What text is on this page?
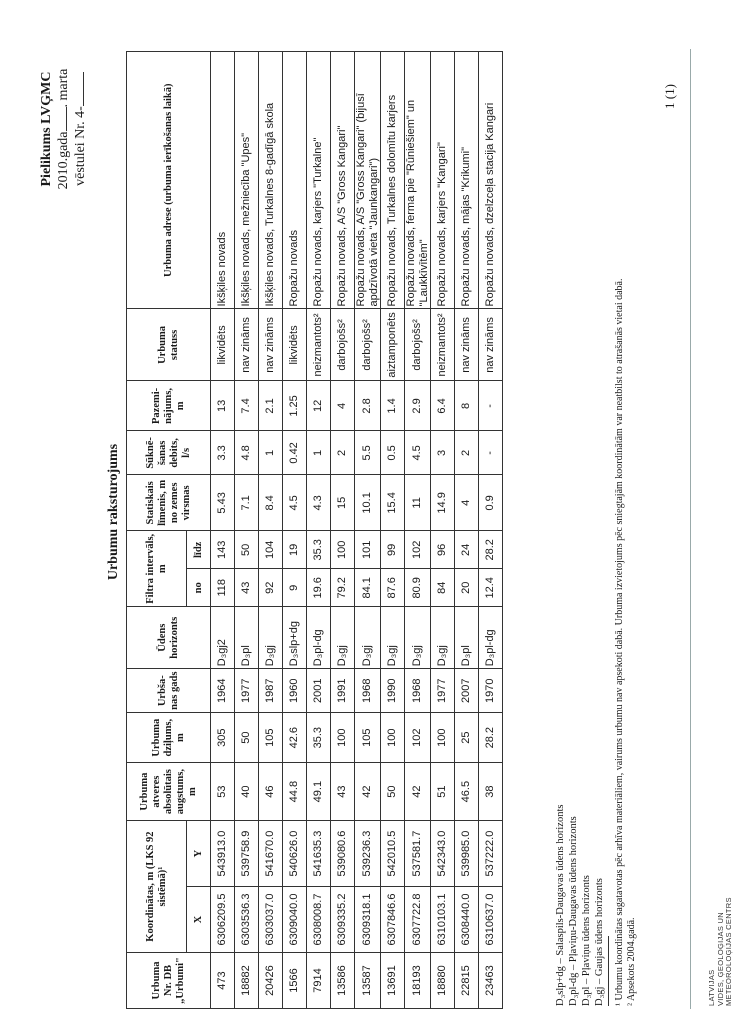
Pielikums LVĢMC 2010.gada. marta
vēstulei Nr. 4-
Urbumu raksturojums
Urbuma Nr. DB „Urbumi"	Koordinātas, m (LKS 92 sistēmā)¹		Urbuma atveres absolūtais augstums, m	Urbuma dziļums, m	Urbša-nas gads	Ūdens horizonts	Filtra intervāls, m		Statiskais līmenis, m no zemes virsmas	Sūknē-šanas debits, l/s	Pazemi-nājums, m	Urbuma statuss	Urbuma adrese (urbuma ierīkošanas laikā)
	X	Y					no	līdz					
473	6306209.5	543913.0	53	305	1964	D₃gj2	118	143	5.43	3.3	13	likvidēts	Ikšķiles novads
18882	6303536.3	539758.9	40	50	1977	D₃pl	43	50	7.1	4.8	7.4	nav zināms	Ikšķiles novads, mežniecība "Upes"
20426	6303037.0	541670.0	46	105	1987	D₃gj	92	104	8.4	1	2.1	nav zināms	Ikšķiles novads, Turkalnes 8-gadīgā skola
1566	6309040.0	540626.0	44.8	42.6	1960	D₃slp+dg	9	19	4.5	0.42	1.25	likvidēts	Ropažu novads
7914	6308008.7	541635.3	49.1	35.3	2001	D₃pl-dg	19.6	35.3	4.3	1	12	neizmantots²	Ropažu novads, karjers "Turkalne"
13586	6309335.2	539080.6	43	100	1991	D₃gj	79.2	100	15	2	4	darbojošs²	Ropažu novads, A/S "Gross Kangari"
13587	6309318.1	539236.3	42	105	1968	D₃gj	84.1	101	10.1	5.5	2.8	darbojošs²	Ropažu novads, A/S "Gross Kangari" (bijusī apdzīvotā vieta "Jaunkangari")
13691	6307846.6	542010.5	50	100	1990	D₃gj	87.6	99	15.4	0.5	1.4	aiztamponēts	Ropažu novads, Turkalnes dolomītu karjers
18193	6307722.8	537581.7	42	102	1968	D₃gj	80.9	102	11	4.5	2.9	darbojošs²	Ropažu novads, ferma pie "Rūniešiem" un "Laukkīvītēm"
18880	6310103.1	542343.0	51	100	1977	D₃gj	84	96	14.9	3	6.4	neizmantots²	Ropažu novads, karjers "Kangari"
22815	6308440.0	539985.0	46.5	25	2007	D₃pl	20	24	4	2	8	nav zināms	Ropažu novads, mājas "Krikumi"
23463	6310637.0	537222.0	38	28.2	1970	D₃pl-dg	12.4	28.2	0.9	-	-	nav zināms	Ropažu novads, dzelzceļa stacija Kangari
D₃slp+dg – Salaspils-Daugavas ūdens horizonts D₃pl-dg – Pļaviņu-Daugavas ūdens horizonts D₃pl – Pļaviņu ūdens horizonts D₃gj – Gaujas ūdens horizonts ¹ Urbumu koordinātas sagatavotas pēc arhīva materiāliem, vairums urbumu nav apsekoti dabā. Urbuma izvietojums pēc sniegtajām koordinātām var neatbilst to atrašanās vietai dabā. ² Apsekots 2004.gadā.
1 (1)
LATVIJAS VIDES, ĢEOLOĢIJAS UN METEOROLOĢIJAS CENTRS
